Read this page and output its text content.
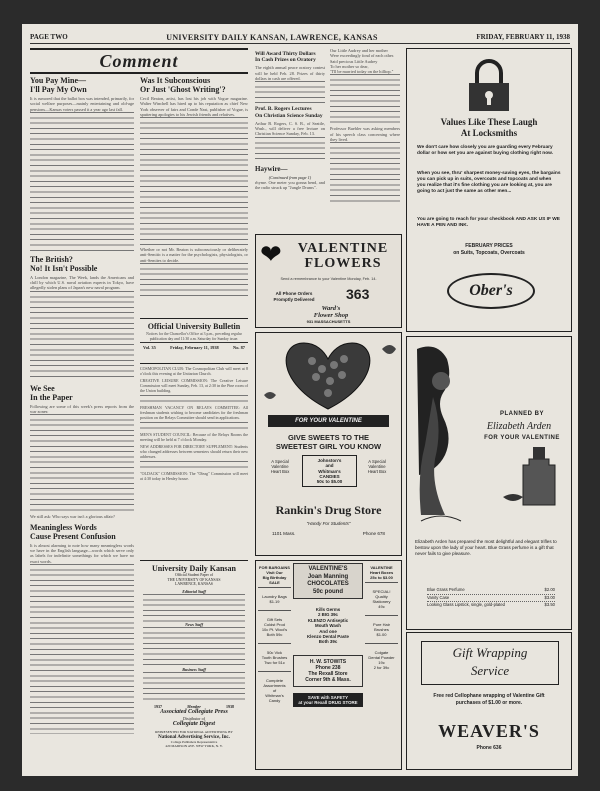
PAGE TWO	UNIVERSITY DAILY KANSAN, LAWRENCE, KANSAS	FRIDAY, FEBRUARY 11, 1938
Comment
You Pay Mine—
I'll Pay My Own
It is rumored that the ballot box was intended, primarily, for social welfare purposes—mainly entertaining and old-age pensions—Kansas voters passed it a year ago last fall.
The British?
No! It Isn't Possible
A London magazine, The Week, lands the Americans and chill by which U.S. naval aviation experts in Tokyo, have allegedly stolen plans of Japan's new naval program.
We See
In the Paper
Following are some of this week's press reports from the war zones:
We still ask: Who says war isn't a glorious affair?
Meaningless Words
Cause Present Confusion
It is almost alarming to note how many meaningless words we have in the English language—words which serve only as labels for indefinite somethings for which we have no exact words.
Was It Subconscious
Or Just 'Ghost Writing'?
Cecil Beaton, artist, has lost his job with Vogue magazine. Walter Winchell has hired up to his reputation as chief New York observer of fairs and Conde Nast, publisher of Vogue, is sputtering apologies to his Jewish friends and relatives.
Whether or not Mr. Beaton is subconsciously or deliberately anti-Semitic is a matter for the psychologists, physiologists, or anti-Semites to decide.
Official University Bulletin
Notices for the Chancellor's Office at 3 p.m., preceding regular publication day and 11:30 a.m. Saturday for Sunday issue.
Vol. 35	Friday, February 11, 1938	No. 87
COSMOPOLITAN CLUB: The Cosmopolitan Club will meet at 8 o'clock this evening at the Unitarian Church.
CREATIVE LEISURE COMMISSION: The Creative Leisure Commission will meet Sunday, Feb. 13, at 2:30 in the Pine room of the Union building.
FRESHMAN VACANCY ON RELAYS COMMITTEE: All freshman students wishing to become candidates for the freshman position on the Relays Committee should send in applications.
MEN'S STUDENT COUNCIL: Because of the Relays Rooms the meeting will be held at 7 o'clock Monday.
NEW ADDRESSES FOR DIRECTORY SUPPLEMENT: Students who changed addresses between semesters should return their new addresses.
"OLDACK" COMMISSION: The "Oleag" Commission will meet at 4:30 today in Henley house.
University Daily Kansan
Official Student Paper of
THE UNIVERSITY OF KANSAS
LAWRENCE, KANSAS
Editorial Staff
News Staff
Business Staff
1937	Member	1938
Associated Collegiate Press
Distributor of
Collegiate Digest
REPRESENTED FOR NATIONAL ADVERTISING BY
National Advertising Service, Inc.
College Publishers Representative
420 MADISON AVE. NEW YORK, N. Y.
Will Award Thirty Dollars
In Cash Prizes on Oratory
The eighth annual peace oratory contest will be held Feb. 28. Prizes of thirty dollars in cash are offered.
Prof. B. Rogers Lectures
On Christian Science Sunday
Arthur B. Rogers, C. S. B., of Seattle, Wash., will deliver a free lecture on Christian Science Sunday, Feb. 13.
Haywire—
(Continued from page 1)
rhyme. One meter you gonna bend, and the radio struck up "Jungle Drums".
Our Little Audrey and her mother
Were exceedingly fond of each other.
Said precious Little Audrey
To her mother so dear,
"I'll be married today on the hilltop."
Professor Buehler was asking members of his speech class concerning where they lived.
❤	VALENTINE
FLOWERS
Send a remembrance to your Valentine Monday, Feb. 14.
All Phone Orders
Promptly Delivered	363
Ward's
Flower Shop
931 MASSACHUSETTS
FOR YOUR VALENTINE
GIVE SWEETS TO THE
SWEETEST GIRL YOU KNOW
A Special
Valentine
Heart Box
Johnston's
and
Whitman's
CANDIES
50c to $5.00
A Special
Valentine
Heart Box
Rankin's Drug Store
"Handy For Students"
1101 Mass.	Phone 678
FOR BARGAINS
Visit Our
Big Birthday
SALE
Laundry Bags
$1.19
Gift Sets
Coldst Prod
10c Pt. Wool's
Both 59c
50c Vick
Tooth Brushes
Two for 51c
Complete
Assortments
of
Whitman's
Candy
VALENTINE'S
Joan Manning
CHOCOLATES
50c pound
Kills Germs
2 BIG 39c
KLENZO Antiseptic
Mouth Wash
And one
Klenzo Dental Paste
Both 39c
H. W. STOWITS
Phone 238
The Rexall Store
Corner 9th & Mass.
SAVE with SAFETY
at your Rexall DRUG STORE
VALENTINE
Heart Boxes
25c to $3.00
SPECIAL!
Quality
Stationery
49c
Pure Hair
Brushes
$1.00
Colgate
Dental Powder
19c
2 for 39c
Values Like These Laugh
At Locksmiths
We don't care how closely you are guarding every February dollar or how set you are against buying clothing right now.
When you see, thru' sharpest money-saving eyes, the bargains you can pick up in suits, overcoats and topcoats and when you realize that it's fine clothing you are looking at, you are going to act just the same as other men...
You are going to reach for your checkbook AND ASK US IF WE HAVE A PEN AND INK.
FEBRUARY PRICES
on Suits, Topcoats, Overcoats
Ober's
PLANNED BY
Elizabeth Arden
FOR YOUR VALENTINE
Elizabeth Arden has prepared the most delightful and elegant trifles to bestow upon the lady of your heart. Blue Grass perfume is a gift that never fails to give pleasure.
Blue Grass Perfume	$2.00
Vanity Case	$3.00
Looking Glass Lipstick, single, gold-plated	$3.50
Gift Wrapping
Service
Free red Cellophane wrapping of Valentine Gift purchases of $1.00 or more.
WEAVER'S
Phone 636
